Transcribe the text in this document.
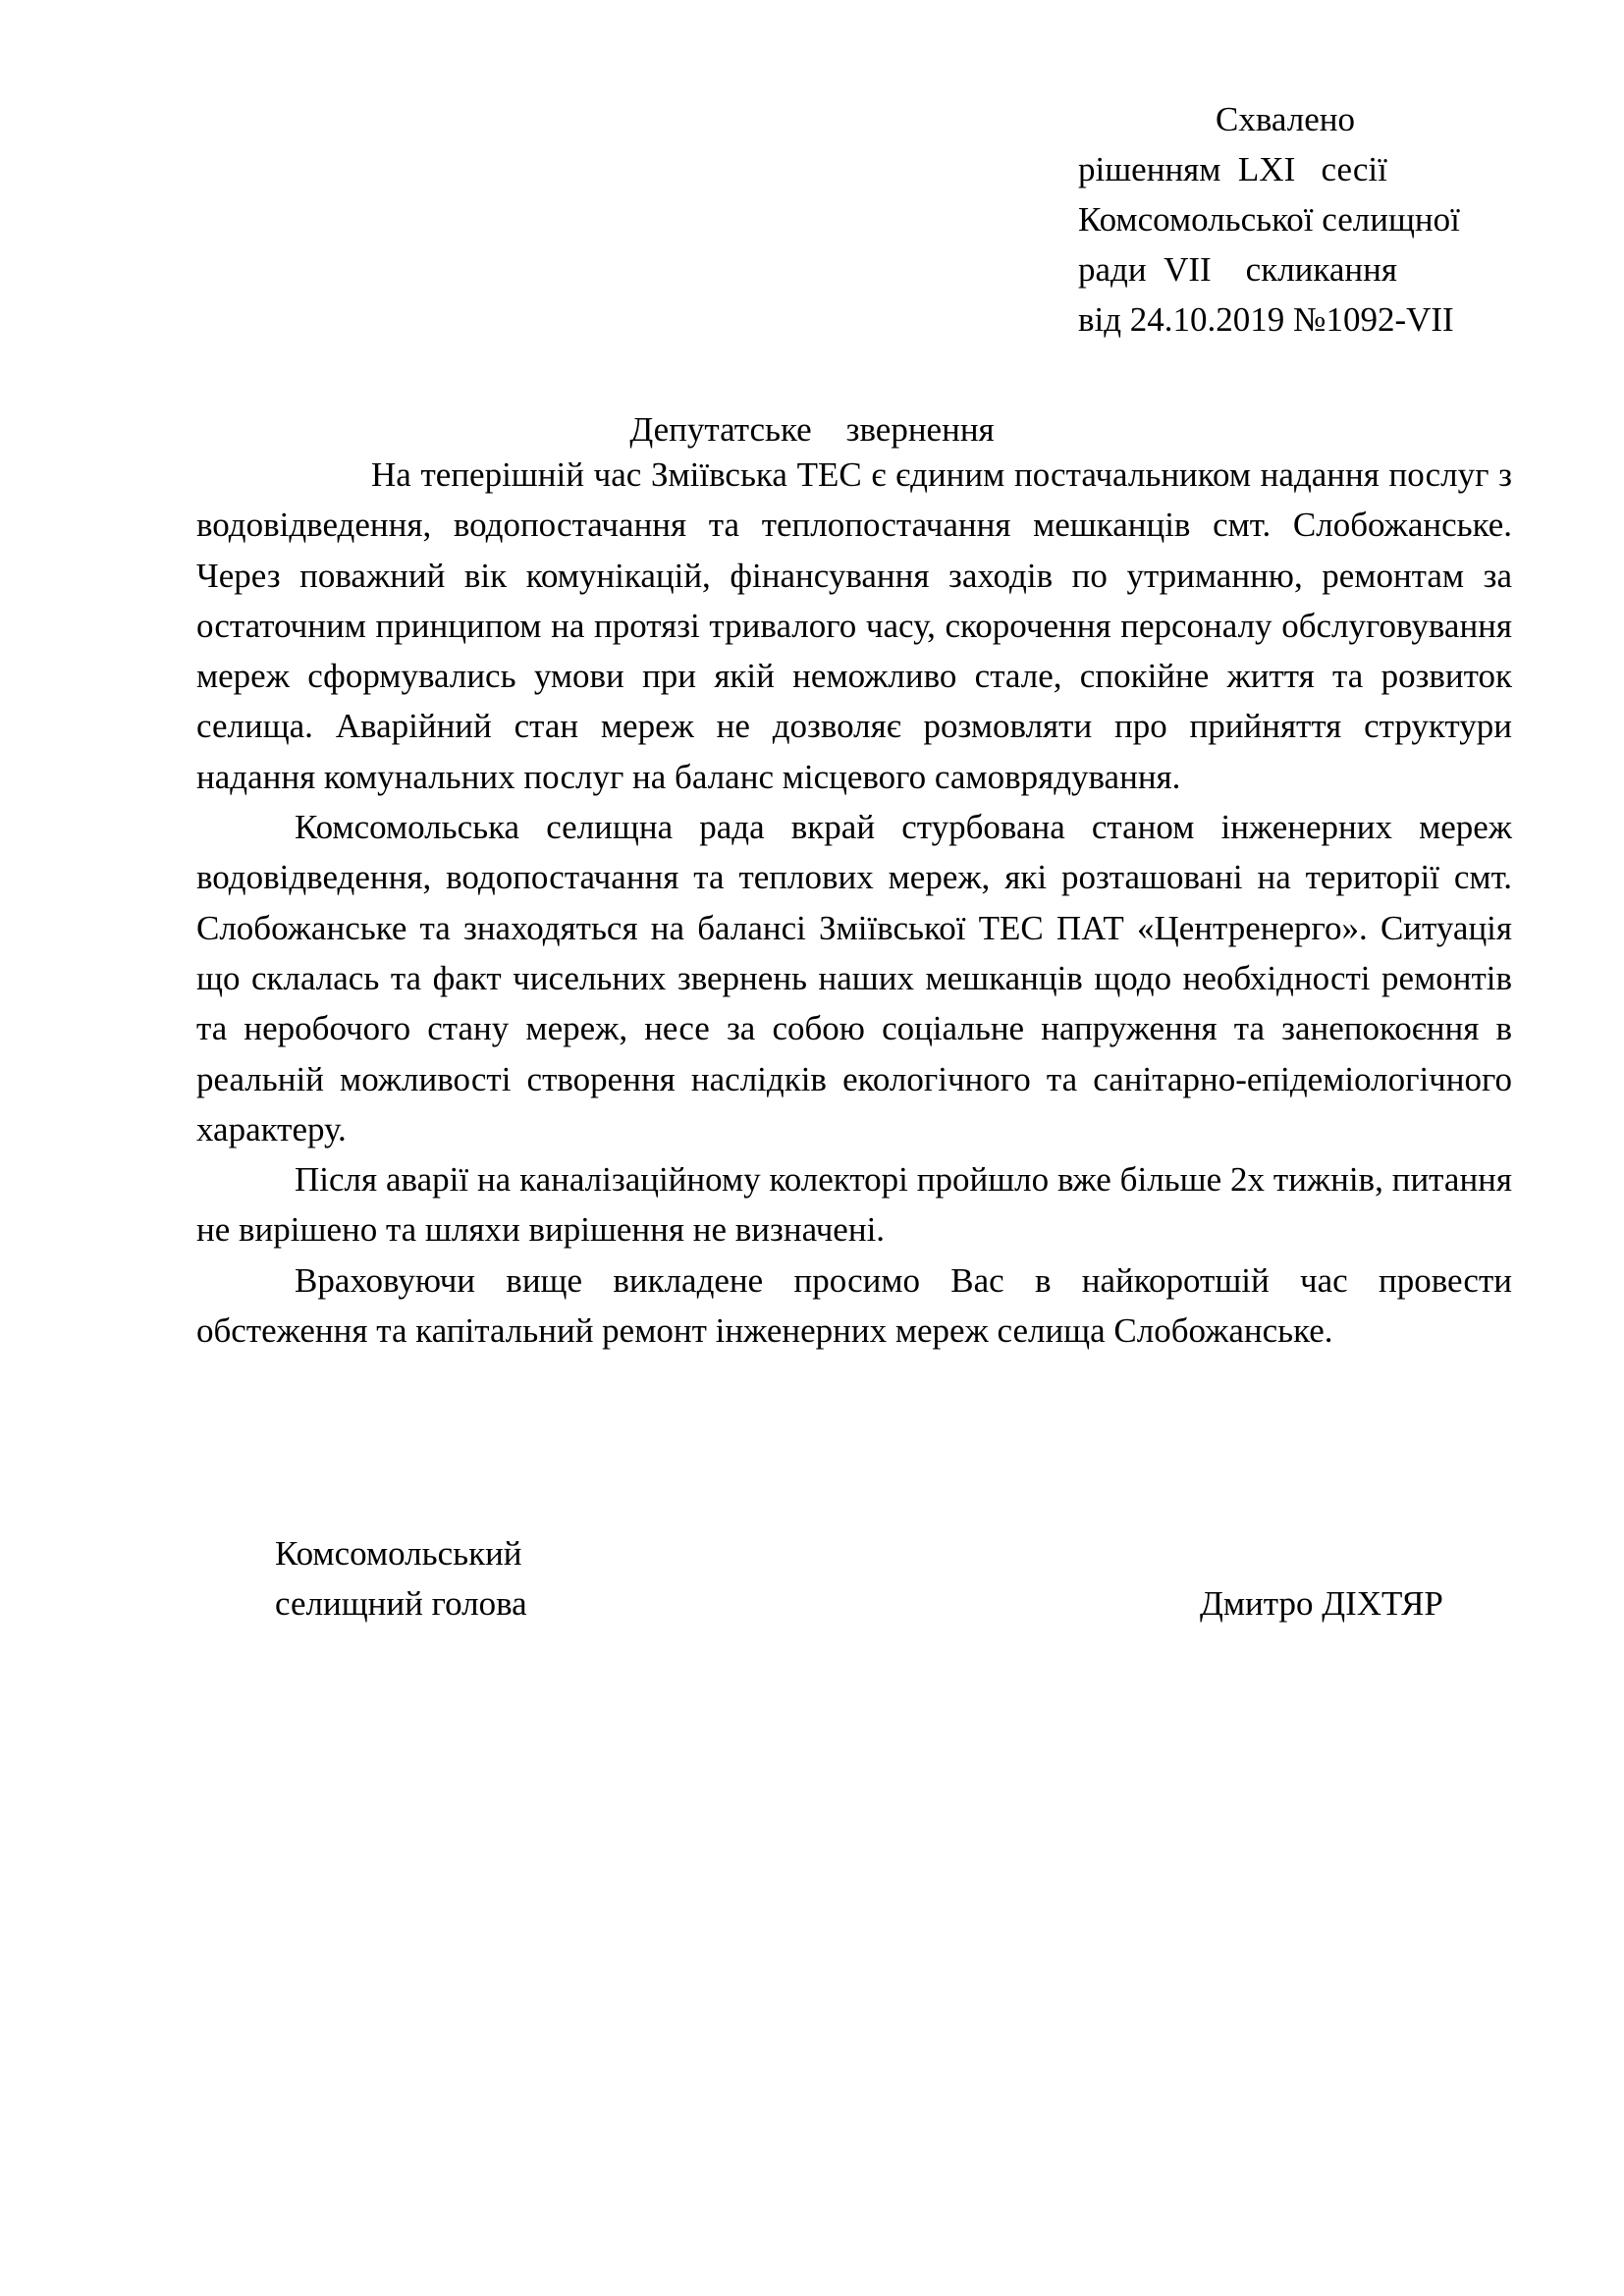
Схвалено
рішенням  LXI   сесії
Комсомольської селищної
ради  VII    скликання
від 24.10.2019 №1092-VII
Депутатське    звернення

На теперішній час Зміївська ТЕС є єдиним постачальником надання послуг з водовідведення, водопостачання та теплопостачання мешканців смт. Слобожанське. Через поважний вік комунікацій, фінансування заходів по утриманню, ремонтам за остаточним принципом на протязі тривалого часу, скорочення персоналу обслуговування мереж сформувались умови при якій неможливо стале, спокійне життя та розвиток селища. Аварійний стан мереж не дозволяє розмовляти про прийняття структури надання комунальних послуг на баланс місцевого самоврядування.

Комсомольська селищна рада вкрай стурбована станом інженерних мереж водовідведення, водопостачання та теплових мереж, які розташовані на території смт. Слобожанське та знаходяться на балансі Зміївської ТЕС ПАТ «Центренерго». Ситуація що склалась та факт чисельних звернень наших мешканців щодо необхідності ремонтів та неробочого стану мереж, несе за собою соціальне напруження та занепокоєння в реальній можливості створення наслідків екологічного та санітарно-епідеміологічного характеру.

Після аварії на каналізаційному колекторі пройшло вже більше 2х тижнів, питання не вирішено та шляхи вирішення не визначені.

Враховуючи вище викладене просимо Вас в найкоротшій час провести обстеження та капітальний ремонт інженерних мереж селища Слобожанське.

Комсомольський
селищний голова	Дмитро ДІХТЯР
